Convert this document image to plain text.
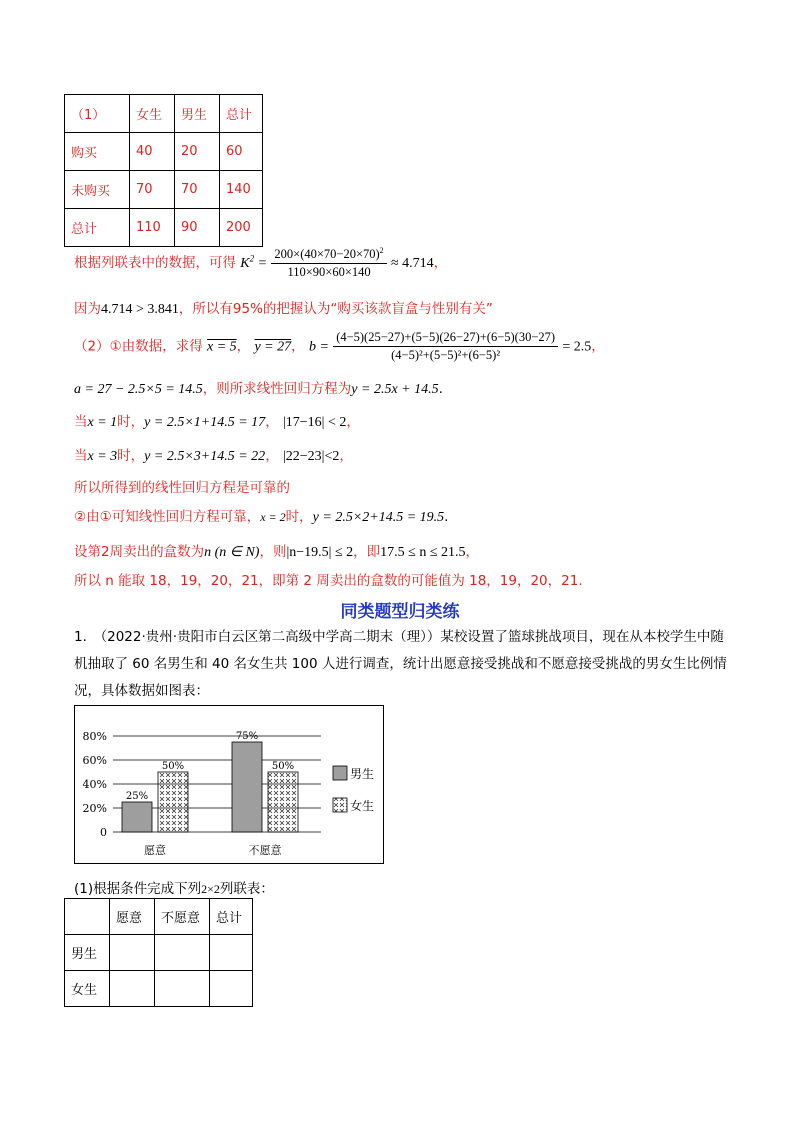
（1）	女生	男生	总计
购买	40	20	60
未购买	70	70	140
总计	110	90	200
根据列联表中的数据，可得 $K^2 = \frac{200\times(40\times 70-20\times 70)^2}{110\times 90\times 60\times 140} \approx 4.714$，
因为4.714 > 3.841，所以有95%的把握认为“购买该款盲盒与性别有关”
（2）①由数据，求得 x = 5， y = 27， $b = \frac{(4-5)(25-27)+(5-5)(26-27)+(6-5)(30-27)}{\text{(4−5)²+(5−5)²+(6−5)²}} = 2.5$，
a = 27 − 2.5×5 = 14.5，则所求线性回归方程为y = 2.5x + 14.5.
当x = 1时，y = 2.5×1+14.5 = 17， |17−16| < 2，
当x = 3时，y = 2.5×3+14.5 = 22， |22−23|<2，
所以所得到的线性回归方程是可靠的
②由①可知线性回归方程可靠，x = 2时，y = 2.5×2+14.5 = 19.5.
设第2周卖出的盒数为n (n ∈ N)，则|n−19.5| ≤ 2，即17.5 ≤ n ≤ 21.5，
所以 n 能取 18，19，20，21，即第 2 周卖出的盒数的可能值为 18，19，20，21.
同类题型归类练
1.　（2022·贵州·贵阳市白云区第二高级中学高二期末（理））某校设置了篮球挑战项目，现在从本校学生中随机抽取了 60 名男生和 40 名女生共 100 人进行调查，统计出愿意接受挑战和不愿意接受挑战的男女生比例情况，具体数据如图表：
0
20%
40%
60%
80%
25%
50%
愿意
75%
50%
不愿意
男生
女生
(1)根据条件完成下列2×2列联表：
	愿意	不愿意	总计
男生			
女生			
